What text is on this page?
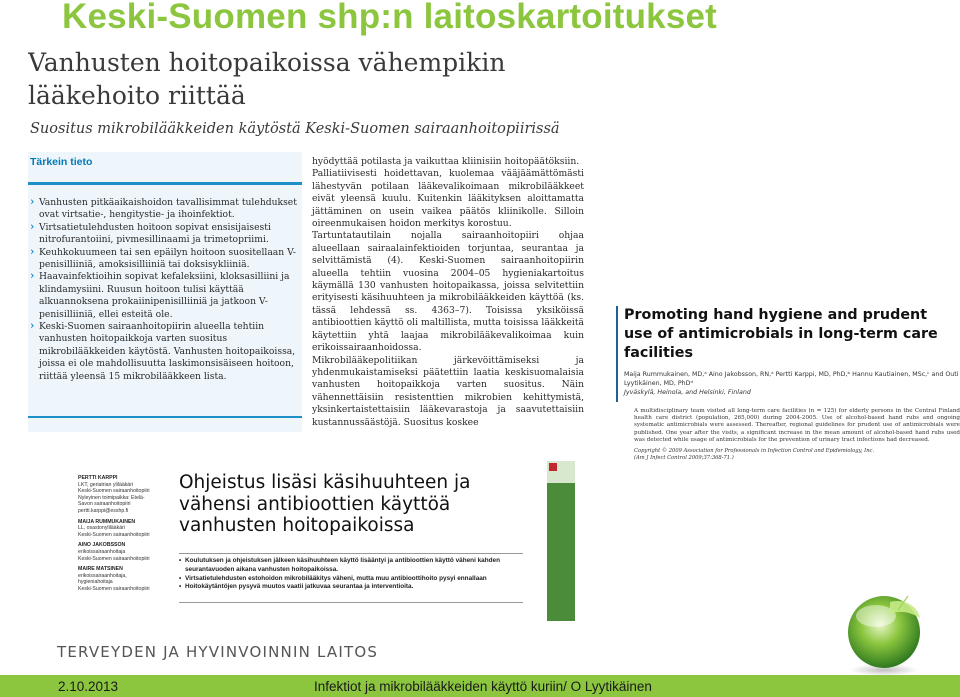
Keski-Suomen shp:n laitoskartoitukset
Vanhusten hoitopaikoissa vähempikin
lääkehoito riittää
Suositus mikrobilääkkeiden käytöstä Keski-Suomen sairaanhoitopiirissä
Tärkein tieto
› Vanhusten pitkäaikaishoidon tavallisimmat tulehdukset ovat virtsatie-, hengitystie- ja ihoinfektiot.
› Virtsatietulehdusten hoitoon sopivat ensisijaisesti nitrofurantoiini, pivmesillinaami ja trimetopriimi.
› Keuhkokuumeen tai sen epäilyn hoitoon suositellaan V-penisilliiniä, amoksisilliiniä tai doksisykliiniä.
› Haavainfektioihin sopivat kefaleksiini, kloksasilliini ja klindamysiini. Ruusun hoitoon tulisi käyttää alkuannoksena prokaiinipenisilliiniä ja jatkoon V-penisilliiniä, ellei esteitä ole.
› Keski-Suomen sairaanhoitopiirin alueella tehtiin vanhusten hoitopaikkoja varten suositus mikrobilääkkeiden käytöstä. Vanhusten hoitopaikoissa, joissa ei ole mahdollisuutta laskimonsisäiseen hoitoon, riittää yleensä 15 mikrobilääkkeen lista.

hyödyttää potilasta ja vaikuttaa kliinisiin hoitopäätöksiin.

Palliatiivisesti hoidettavan, kuolemaa vääjäämättömästi lähestyvän potilaan lääkevalikoimaan mikrobilääkkeet eivät yleensä kuulu. Kuitenkin lääkityksen aloittamatta jättäminen on usein vaikea päätös kliinikolle. Silloin oireenmukaisen hoidon merkitys korostuu.

Tartuntatautilain nojalla sairaanhoitopiiri ohjaa alueellaan sairaalainfektioiden torjuntaa, seurantaa ja selvittämistä (4). Keski-Suomen sairaanhoitopiirin alueella tehtiin vuosina 2004–05 hygieniakartoitus käymällä 130 vanhusten hoitopaikassa, joissa selvitettiin erityisesti käsihuuhteen ja mikrobilääkkeiden käyttöä (ks. tässä lehdessä ss. 4363–7). Toisissa yksiköissä antibioottien käyttö oli maltillista, mutta toisissa lääkkeitä käytettiin yhtä laajaa mikrobilääkevalikoimaa kuin erikoissairaanhoidossa.

Mikrobilääkepolitiikan järkevöittämiseksi ja yhdenmukaistamiseksi päätettiin laatia keskisuomalaisia vanhusten hoitopaikkoja varten suositus. Näin vähennettäisiin resistenttien mikrobien kehittymistä, yksinkertaistettaisiin lääkevarastoja ja saavutettaisiin kustannussäästöjä. Suositus koskee

Promoting hand hygiene and prudent use of antimicrobials in long-term care facilities
Maija Rummukainen, MD,ᵃ Aino Jakobsson, RN,ᵃ Pertti Karppi, MD, PhD,ᵇ Hannu Kautiainen, MSc,ᶜ and Outi Lyytikäinen, MD, PhDᵈ
Jyväskylä, Heinola, and Helsinki, Finland
A multidisciplinary team visited all long-term care facilities (n = 125) for elderly persons in the Central Finland health care district (population, 265,000) during 2004-2005. Use of alcohol-based hand rubs and ongoing systematic antimicrobials were assessed. Thereafter, regional guidelines for prudent use of antimicrobials were published. One year after the visits, a significant increase in the mean amount of alcohol-based hand rubs used was detected while usage of antimicrobials for the prevention of urinary tract infections had decreased.
Copyright © 2009 Association for Professionals in Infection Control and Epidemiology, Inc.
(Am J Infect Control 2009;37:368-71.)
PERTTI KARPPI
LKT, geriatrian ylilääkäri
Keski-Suomen sairaanhoitopiiri
Nyleyinen toimipaikka: Etelä-
Savon sairaanhoitopiiri
pertti.karppi@esshp.fi
MAIJA RUMMUKAINEN
LL, osastonylilääkäri
Keski-Suomen sairaanhoitopiiri
AINO JAKOBSSON
erikoissairaanhoitaja
Keski-Suomen sairaanhoitopiiri
MAIRE MATSINEN
erikoissairaanhoitaja,
hygieniahoitaja
Keski-Suomen sairaanhoitopiiri
Ohjeistus lisäsi käsihuuhteen ja vähensi antibioottien käyttöä vanhusten hoitopaikoissa
• Koulutuksen ja ohjeistuksen jälkeen käsihuuhteen käyttö lisääntyi ja antibioottien käyttö väheni kahden seurantavuoden aikana vanhusten hoitopaikoissa.
• Virtsatietulehdusten estohoidon mikrobilääkitys väheni, mutta muu antibioottihoito pysyi ennallaan
• Hoitokäytäntöjen pysyvä muutos vaatii jatkuvaa seurantaa ja interventioita.
TERVEYDEN JA HYVINVOINNIN LAITOS
2.10.2013	Infektiot ja mikrobilääkkeiden käyttö kuriin/ O Lyytikäinen
